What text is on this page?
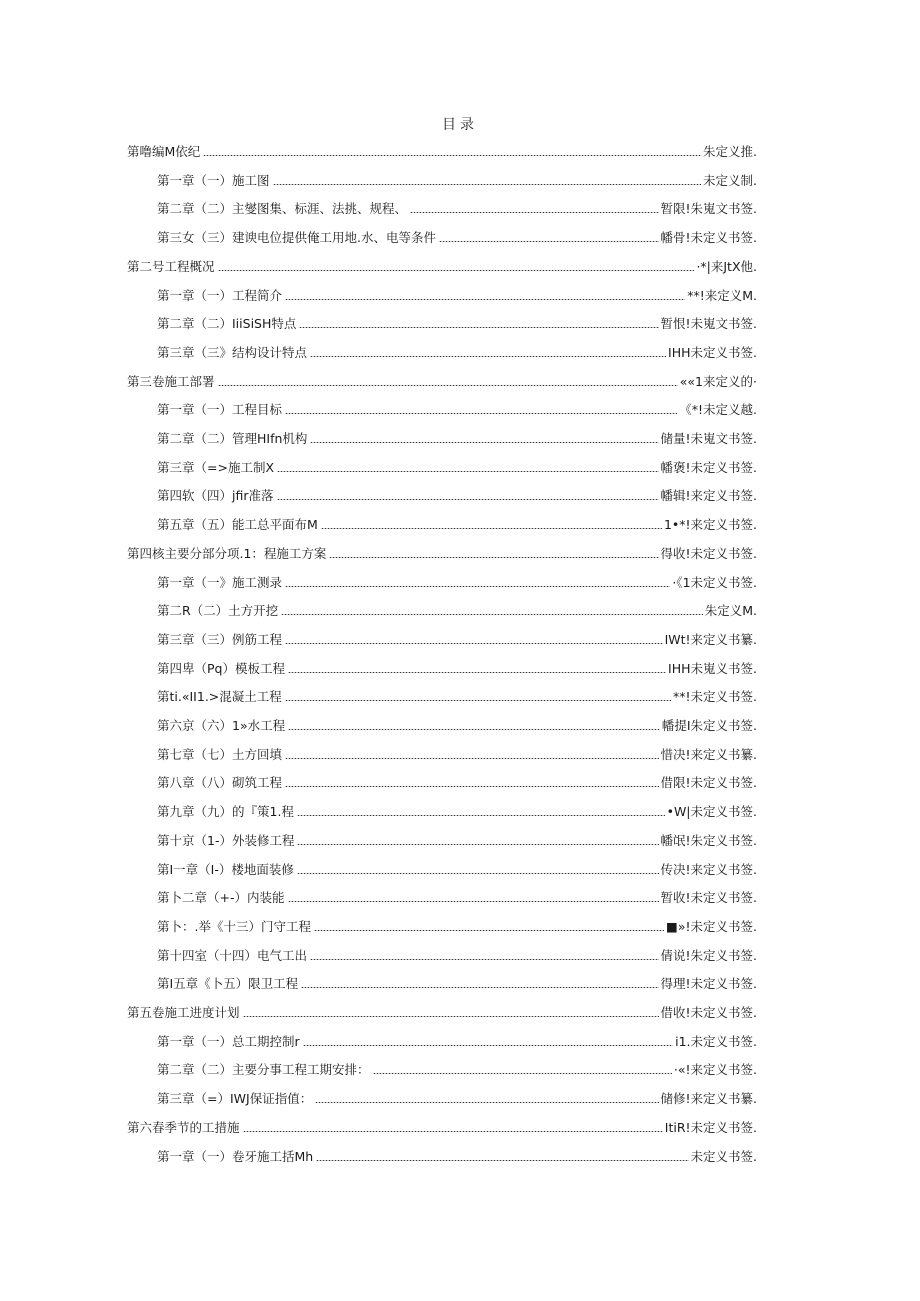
目录
第噜编M依纪	朱定义推.
第一章（一）施工图	未定义制.
第二章（二）主燮图集、标涯、法挑、规程、	暂限!朱嵬文书签.
第三女（三）建谀电位提供俺工用地.水、电等条件	幡骨!未定义书签.
第二号工程概况	·*|来JtX他.
第一章（一）工程简介	**!来定义M.
第二章（二）IiiSiSH特点	暂恨!未嵬文书签.
第三章（三》结构设计特点	IHH未定义书签.
第三卷施工部署	««1来定义的·
第一章（一）工程目标	《*!未定义越.
第二章（二）管理HIfn机构	储量!未嵬文书签.
第三章（=>施工制X	幡褒!未定义书签.
第四软（四）jfir准落	幡辑!来定义书签.
第五章（五）能工总平面布M	1•*!来定义书签.
第四核主要分部分项.1：程施工方案	得收!未定义书签.
第一章（一》施工测录	·《1未定义书签.
第二R（二）土方开挖	朱定义M.
第三章（三）例筋工程	IWt!来定义书纂.
第四卑（Pq）模板工程	IHH未嵬义书签.
第ti.«II1.>混凝土工程	**!未定义书签.
第六京（六）1»水工程	幡提I朱定义书签.
第七章（七）土方回填	惜决!来定义书纂.
第八章（八）砌筑工程	借限!未定义书签.
第九章（九）的『策1.程	•W|未定义书签.
第十京（1-）外装修工程	幡氓!朱定义书签.
第I一章（I-）楼地面装修	传决!来定义书签.
第卜二章（+-）内装能	暂收!未定义书签.
第卜：.举《十三）门守工程	■»!未定义书签.
第十四室（十四）电气工出	倩说!朱定义书签.
第I五章《卜五）限卫工程	得理!未定义书签.
第五卷施工进度计划	借收!未定义书签.
第一章（一）总工期控制r	i1.未定义书签.
第二章（二）主要分事工程工期安排：	·«!来定义书签.
第三章（=）IWJ保证指值：	储修!来定义书纂.
第六春季节的工措施	ItiR!未定义书签.
第一章（一）卷牙施工括Mh	未定义书签.
